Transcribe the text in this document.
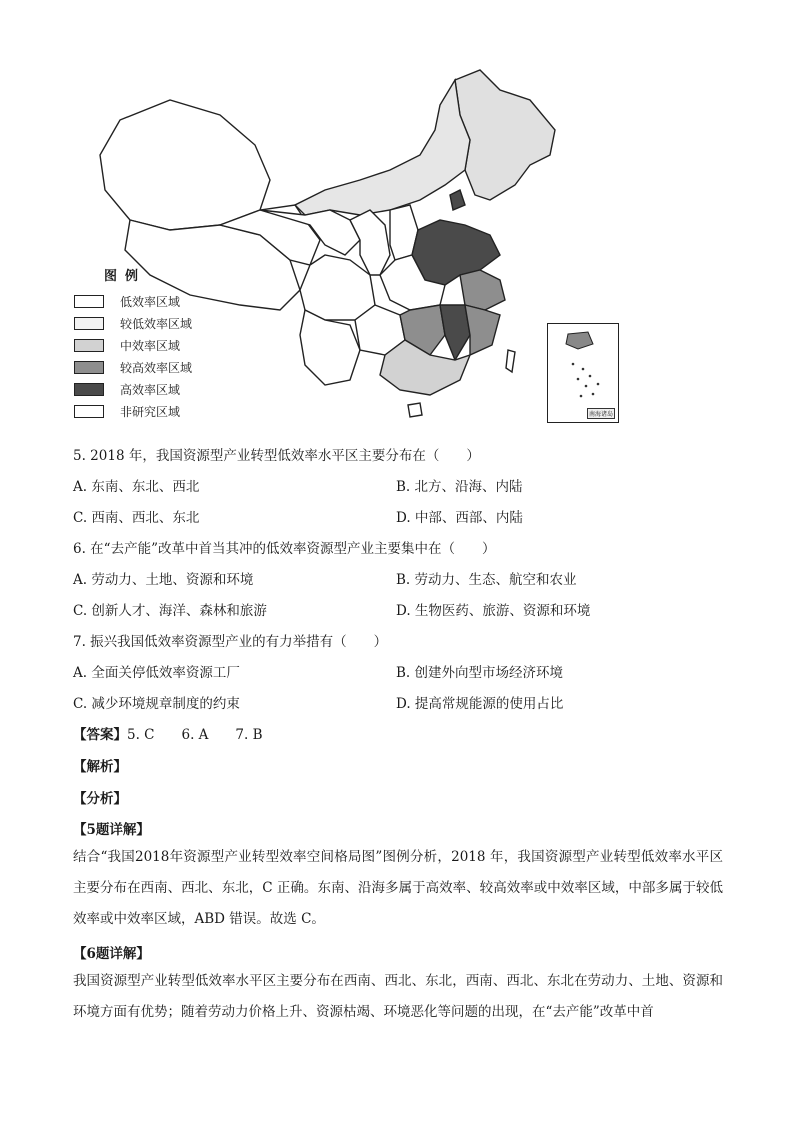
图例
低效率区域
较低效率区域
中效率区域
较高效率区域
高效率区域
非研究区域	南海诸岛
5. 2018 年，我国资源型产业转型低效率水平区主要分布在（　　）
A. 东南、东北、西北	B. 北方、沿海、内陆
C. 西南、西北、东北	D. 中部、西部、内陆
6. 在“去产能”改革中首当其冲的低效率资源型产业主要集中在（　　）
A. 劳动力、土地、资源和环境	B. 劳动力、生态、航空和农业
C. 创新人才、海洋、森林和旅游	D. 生物医药、旅游、资源和环境
7. 振兴我国低效率资源型产业的有力举措有（　　）
A. 全面关停低效率资源工厂	B. 创建外向型市场经济环境
C. 减少环境规章制度的约束	D. 提高常规能源的使用占比
【答案】5. C　　6. A　　7. B
【解析】
【分析】
【5题详解】
结合“我国2018年资源型产业转型效率空间格局图”图例分析，2018 年，我国资源型产业转型低效率水平区主要分布在西南、西北、东北，C 正确。东南、沿海多属于高效率、较高效率或中效率区域，中部多属于较低效率或中效率区域，ABD 错误。故选 C。
【6题详解】
我国资源型产业转型低效率水平区主要分布在西南、西北、东北，西南、西北、东北在劳动力、土地、资源和环境方面有优势；随着劳动力价格上升、资源枯竭、环境恶化等问题的出现，在“去产能”改革中首
